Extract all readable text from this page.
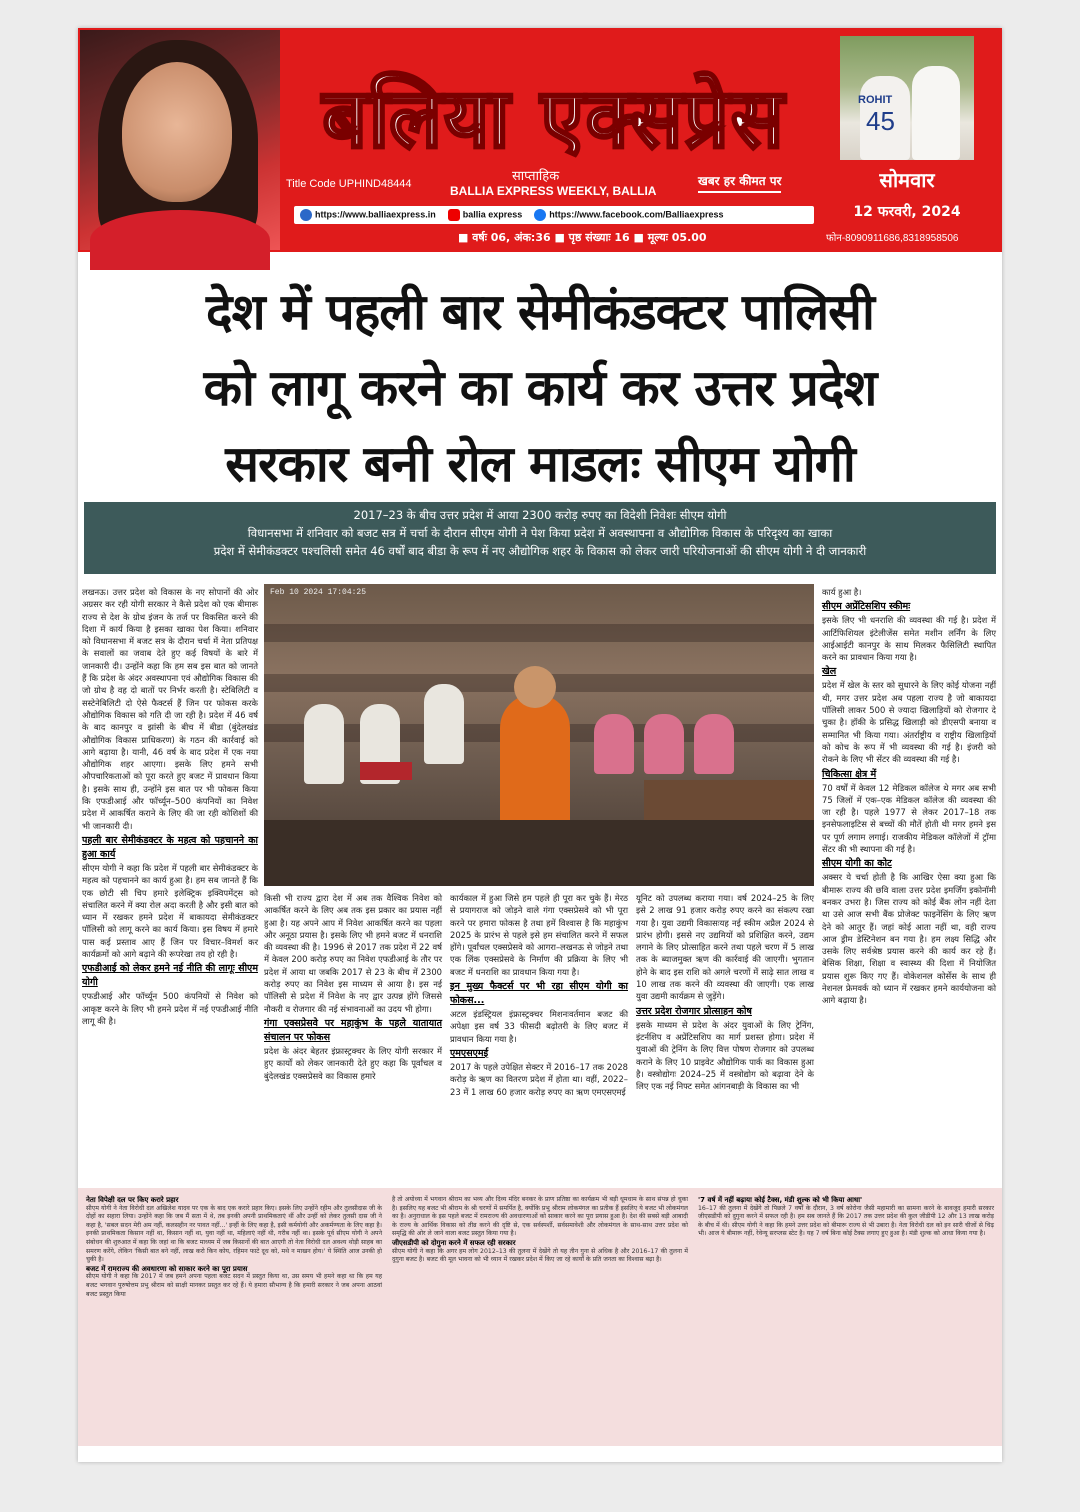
बलिया एक्सप्रेस	ROHIT
45
Title Code UPHIND48444	साप्ताहिक
BALLIA EXPRESS WEEKLY, BALLIA
खबर हर कीमत पर	सोमवार
12 फरवरी, 2024
https://www.balliaexpress.in	ballia express	https://www.facebook.com/Balliaexpress
■ वर्षः 06, अंक:36 ■ पृष्ठ संख्याः 16 ■ मूल्यः 05.00	फोन-8090911686,8318958506
देश में पहली बार सेमीकंडक्टर पालिसी
को लागू करने का कार्य कर उत्तर प्रदेश
सरकार बनी रोल माडलः सीएम योगी
2017–23 के बीच उत्तर प्रदेश में आया 2300 करोड़ रुपए का विदेशी निवेशः सीएम योगी
विधानसभा में शनिवार को बजट सत्र में चर्चा के दौरान सीएम योगी ने पेश किया प्रदेश में अवस्थापना व औद्योगिक विकास के परिदृश्य का खाका
प्रदेश में सेमीकंडक्टर पश्चलिसी समेत 46 वर्षों बाद बीडा के रूप में नए औद्योगिक शहर के विकास को लेकर जारी परियोजनाओं की सीएम योगी ने दी जानकारी

लखनऊ। उत्तर प्रदेश को विकास के नए सोपानों की ओर अग्रसर कर रही योगी सरकार ने कैसे प्रदेश को एक बीमारू राज्य से देश के ग्रोथ इंजन के तर्ज पर विकसित करने की दिशा में कार्य किया है इसका खाका पेश किया। शनिवार को विधानसभा में बजट सत्र के दौरान चर्चा में नेता प्रतिपक्ष के सवालों का जवाब देते हुए कई विषयों के बारे में जानकारी दी। उन्होंने कहा कि हम सब इस बात को जानते हैं कि प्रदेश के अंदर अवस्थापना एवं औद्योगिक विकास की जो ग्रोथ है वह दो बातों पर निर्भर करती है। स्टेबिलिटी व सस्टेनेबिलिटी दो ऐसे फैक्टर्स हैं जिन पर फोकस करके औद्योगिक विकास को गति दी जा रही है। प्रदेश में 46 वर्ष के बाद कानपुर व झांसी के बीच में बीडा (बुंदेलखंड औद्योगिक विकास प्राधिकरण) के गठन की कार्रवाई को आगे बढ़ाया है। यानी, 46 वर्ष के बाद प्रदेश में एक नया औद्योगिक शहर आएगा। इसके लिए हमने सभी औपचारिकताओं को पूरा करते हुए बजट में प्रावधान किया है। इसके साथ ही, उन्होंने इस बात पर भी फोकस किया कि एफडीआई और फॉर्च्यून–500 कंपनियों का निवेश प्रदेश में आकर्षित कराने के लिए की जा रही कोशिशों की भी जानकारी दी।

पहली बार सेमीकंडक्टर के महत्व को पहचानने का हुआ कार्य

सीएम योगी ने कहा कि प्रदेश में पहली बार सेमीकंडक्टर के महत्व को पहचानने का कार्य हुआ है। हम सब जानते हैं कि एक छोटी सी चिप हमारे इलेक्ट्रिक इक्विपमेंट्स को संचालित करने में क्या रोल अदा करती है और इसी बात को ध्यान में रखकर हमने प्रदेश में बाकायदा सेमीकंडक्टर पॉलिसी को लागू करने का कार्य किया। इस विषय में हमारे पास कई प्रस्ताव आए हैं जिन पर विचार–विमर्श कर कार्यक्रमों को आगे बढ़ाने की रूपरेखा तय हो रही है।

एफडीआई को लेकर हमने नई नीति की लागूः सीएम योगी

एफडीआई और फॉर्च्यून 500 कंपनियों से निवेश को आकृष्ट करने के लिए भी हमने प्रदेश में नई एफडीआई नीति लागू की है।

Feb 10 2024 17:04:25

किसी भी राज्य द्वारा देश में अब तक वैश्विक निवेश को आकर्षित करने के लिए अब तक इस प्रकार का प्रयास नहीं हुआ है। यह अपने आप में निवेश आकर्षित करने का पहला और अनूठा प्रयास है। इसके लिए भी हमने बजट में धनराशि की व्यवस्था की है। 1996 से 2017 तक प्रदेश में 22 वर्ष में केवल 200 करोड़ रुपए का निवेश एफडीआई के तौर पर प्रदेश में आया था जबकि 2017 से 23 के बीच में 2300 करोड़ रुपए का निवेश इस माध्यम से आया है। इस नई पॉलिसी से प्रदेश में निवेश के नए द्वार उत्पन्न होंगे जिससे नौकरी व रोजगार की नई संभावनाओं का उदय भी होगा।

गंगा एक्सप्रेसवे पर महाकुंभ के पहले यातायात संचालन पर फोकस

प्रदेश के अंदर बेहतर इंफ्रास्ट्रक्चर के लिए योगी सरकार में हुए कार्यों को लेकर जानकारी देते हुए कहा कि पूर्वांचल व बुंदेलखंड एक्सप्रेसवे का विकास हमारे

कार्यकाल में हुआ जिसे हम पहले ही पूरा कर चुके हैं। मेरठ से प्रयागराज को जोड़ने वाले गंगा एक्सप्रेसवे को भी पूरा करने पर हमारा फोकस है तथा हमें विश्वास है कि महाकुंभ 2025 के प्रारंभ से पहले इसे हम संचालित करने में सफल होंगे। पूर्वांचल एक्सप्रेसवे को आगरा–लखनऊ से जोड़ने तथा एक लिंक एक्सप्रेसवे के निर्माण की प्रक्रिया के लिए भी बजट में धनराशि का प्रावधान किया गया है।

इन मुख्य फैक्टर्स पर भी रहा सीएम योगी का फोकस...

अटल इंडस्ट्रियल इंफ्रास्ट्रक्चर मिशनःवर्तमान बजट की अपेक्षा इस वर्ष 33 फीसदी बढ़ोतरी के लिए बजट में प्रावधान किया गया है।

एमएसएमई

2017 के पहले उपेक्षित सेक्टर में 2016–17 तक 2028 करोड़ के ऋण का वितरण प्रदेश में होता था। वहीं, 2022–23 में 1 लाख 60 हजार करोड़ रुपए का ऋण एमएसएमई

यूनिट को उपलब्ध कराया गया। वर्ष 2024–25 के लिए इसे 2 लाख 91 हजार करोड़ रुपए करने का संकल्प रखा गया है। युवा उद्यमी विकासःयह नई स्कीम अप्रैल 2024 से प्रारंभ होगी। इससे नए उद्यमियों को प्रशिक्षित करने, उद्यम लगाने के लिए प्रोत्साहित करने तथा पहले चरण में 5 लाख तक के ब्याजमुक्त ऋण की कार्रवाई की जाएगी। भुगतान होने के बाद इस राशि को अगले चरणों में साढ़े सात लाख व 10 लाख तक करने की व्यवस्था की जाएगी। एक लाख युवा उद्यमी कार्यक्रम से जुड़ेंगे।

उत्तर प्रदेश रोजगार प्रोत्साहन कोष

इसके माध्यम से प्रदेश के अंदर युवाओं के लिए ट्रेनिंग, इंटर्नशिप व अप्रेंटिसशिप का मार्ग प्रशस्त होगा। प्रदेश में युवाओं की ट्रेनिंग के लिए वित्त पोषण रोजगार को उपलब्ध कराने के लिए 10 प्राइवेट औद्योगिक पार्क का विकास हुआ है। वस्त्रोद्योगः 2024–25 में वस्त्रोद्योग को बढ़ावा देने के लिए एक नई निफ्ट समेत आंगनबाड़ी के विकास का भी

कार्य हुआ है।

सीएम अप्रेंटिसशिप स्कीमः

इसके लिए भी धनराशि की व्यवस्था की गई है। प्रदेश में आर्टिफिशियल इंटेलीजेंस समेत मशीन लर्निंग के लिए आईआईटी कानपुर के साथ मिलकर फैसिलिटी स्थापित करने का प्रावधान किया गया है।

खेल

प्रदेश में खेल के स्तर को सुधारने के लिए कोई योजना नहीं थी, मगर उत्तर प्रदेश अब पहला राज्य है जो बाकायदा पॉलिसी लाकर 500 से ज्यादा खिलाड़ियों को रोजगार दे चुका है। हॉकी के प्रसिद्ध खिलाड़ी को डीएसपी बनाया व सम्मानित भी किया गया। अंतर्राष्ट्रीय व राष्ट्रीय खिलाड़ियों को कोच के रूप में भी व्यवस्था की गई है। इंजरी को रोकने के लिए भी सेंटर की व्यवस्था की गई है।

चिकित्सा क्षेत्र में

70 वर्षों में केवल 12 मेडिकल कॉलेज थे मगर अब सभी 75 जिलों में एक–एक मेडिकल कॉलेज की व्यवस्था की जा रही है। पहले 1977 से लेकर 2017–18 तक इनसेफलाइटिस से बच्चों की मौतें होती थी मगर हमने इस पर पूर्ण लगाम लगाई। राजकीय मेडिकल कॉलेजों में ट्रॉमा सेंटर की भी स्थापना की गई है।

सीएम योगी का कोट

अक्सर ये चर्चा होती है कि आखिर ऐसा क्या हुआ कि बीमारू राज्य की छवि वाला उत्तर प्रदेश इमर्जिंग इकोनॉमी बनकर उभरा है। जिस राज्य को कोई बैंक लोन नहीं देता था उसे आज सभी बैंक प्रोजेक्ट फाइनेंसिंग के लिए ऋण देने को आतुर हैं। जहां कोई आता नहीं था, वही राज्य आज ड्रीम डेस्टिनेशन बन गया है। हम लक्ष्य सिद्धि और उसके लिए सर्वश्रेष्ठ प्रयास करने की कार्य कर रहे हैं। बेसिक शिक्षा, शिक्षा व स्वास्थ्य की दिशा में नियोजित प्रयास शुरू किए गए हैं। वोकेशनल कोर्सेस के साथ ही नेशनल फ्रेमवर्क को ध्यान में रखकर हमने कार्ययोजना को आगे बढ़ाया है।

नेता विपेक्षी दल पर किए करारे प्रहार
सीएम योगी ने नेता विरोधी दल अखिलेश यादव पर एक के बाद एक करारे प्रहार किए। इसके लिए उन्होंने रहीम और तुलसीदास जी के दोहों का सहारा लिया। उन्होंने कहा कि जब मैं सता में थे, तब इनकी अपनी प्राथमिकताएं थीं और उन्हीं को लेकर तुलसी दास जी ने कहा है, 'सबल सदन मेरी अम नहीं, कलसहीन नर पावत नहीं...' इन्हीं के लिए कहा है, इसी कर्मयोगी और अकर्मण्यता के लिए कहा है। इनकी प्राथमिकता किसान नहीं था, किसान नहीं था, युवा नहीं था, महिलाएं नहीं थी, गरीब नहीं था। इसके पूर्व सीएम योगी ने अपने संबोधन की शुरुआत में कहा कि जहां था कि बजट माध्यम में जब किसानों की बात आएगी तो नेता विरोधी दल अवश्य थोड़ी साहब का समरण करेंगे, लेकिन 'किसी बात बने नहीं, लाख करो किन कोय, रहिमन फाटे दूध को, मथे न माखन होय।' ये स्थिति आज उनकी हो चुकी है।
बजट में रामराज्य की अवधारणा को साकार करने का पूरा प्रयास
सीएम योगी ने कहा कि 2017 में जब हमने अपना पहला बजट सदन में प्रस्तुत किया था, उस समय भी हमने कहा था कि हम यह बजट भगवान पुरुषोत्तम प्रभु श्रीराम को साक्षी मानकर प्रस्तुत कर रहे हैं। ये हमारा सौभाग्य है कि हमारी सरकार ने जब अपना आठवां बजट प्रस्तुत किया
है तो अयोध्या में भगवान श्रीराम का भव्य और दिव्य मंदिर बनकर के प्राण प्रतिष्ठा का कार्यक्रम भी बड़ी धूमधाम के साथ संपन्न हो चुका है। इसलिए यह बजट भी श्रीराम के श्री चरणों में समर्पित है, क्योंकि प्रभु श्रीराम लोकमंगल का प्रतीक हैं इसलिए ये बजट भी लोकमंगल का है। अनुराधाल के इस पहले बजट में रामराज्य की अवधारणाओं को साकार करने का पूरा प्रयास हुआ है। देश की सबसे बड़ी आबादी के राज्य के आर्थिक विकास को तीव्र करने की दृष्टि से, एक सर्वस्पर्शी, सर्वसमावेशी और लोकमंगल के साथ-साथ उत्तर प्रदेश को समृद्धि की ओर ले जाने वाला बजट प्रस्तुत किया गया है।
जीएसडीपी को दोगुना करने में सफल रही सरकार
सीएम योगी ने कहा कि अगर हम लोग 2012–13 की तुलना में देखेंगे तो यह तीन गुना से अधिक है और 2016–17 की तुलना में दुगुना बजट है। बजट की मूल भावना को भी ध्यान में रखकर प्रदेश में किए जा रहे कार्यों के प्रति जनता का विश्वास बढ़ा है।
'7 वर्ष में नहीं बढ़ाया कोई टैक्स, मंडी शुल्क को भी किया आधा'
16–17 की तुलना में देखेंगे तो पिछले 7 वर्षों के दौरान, 3 वर्ष कोरोना जैसी महामारी का सामना करने के बावजूद हमारी सरकार जीएसडीपी को दुगुना करने में सफल रही है। हम सब जानते हैं कि 2017 तक उत्तर प्रदेश की कुल जीडीपी 12 और 13 लाख करोड़ के बीच में थी। सीएम योगी ने कहा कि हमने उत्तर प्रदेश को बीमारू राज्य से भी उबारा है। नेता विरोधी दल को इन सारी चीजों से चिढ़ भी। आज ये बीमारू नहीं, रेवेन्यू सरप्लस स्टेट है। यह 7 वर्ष बिना कोई टैक्स लगाए हुए हुआ है। मंडी शुल्क को आधा किया गया है।
